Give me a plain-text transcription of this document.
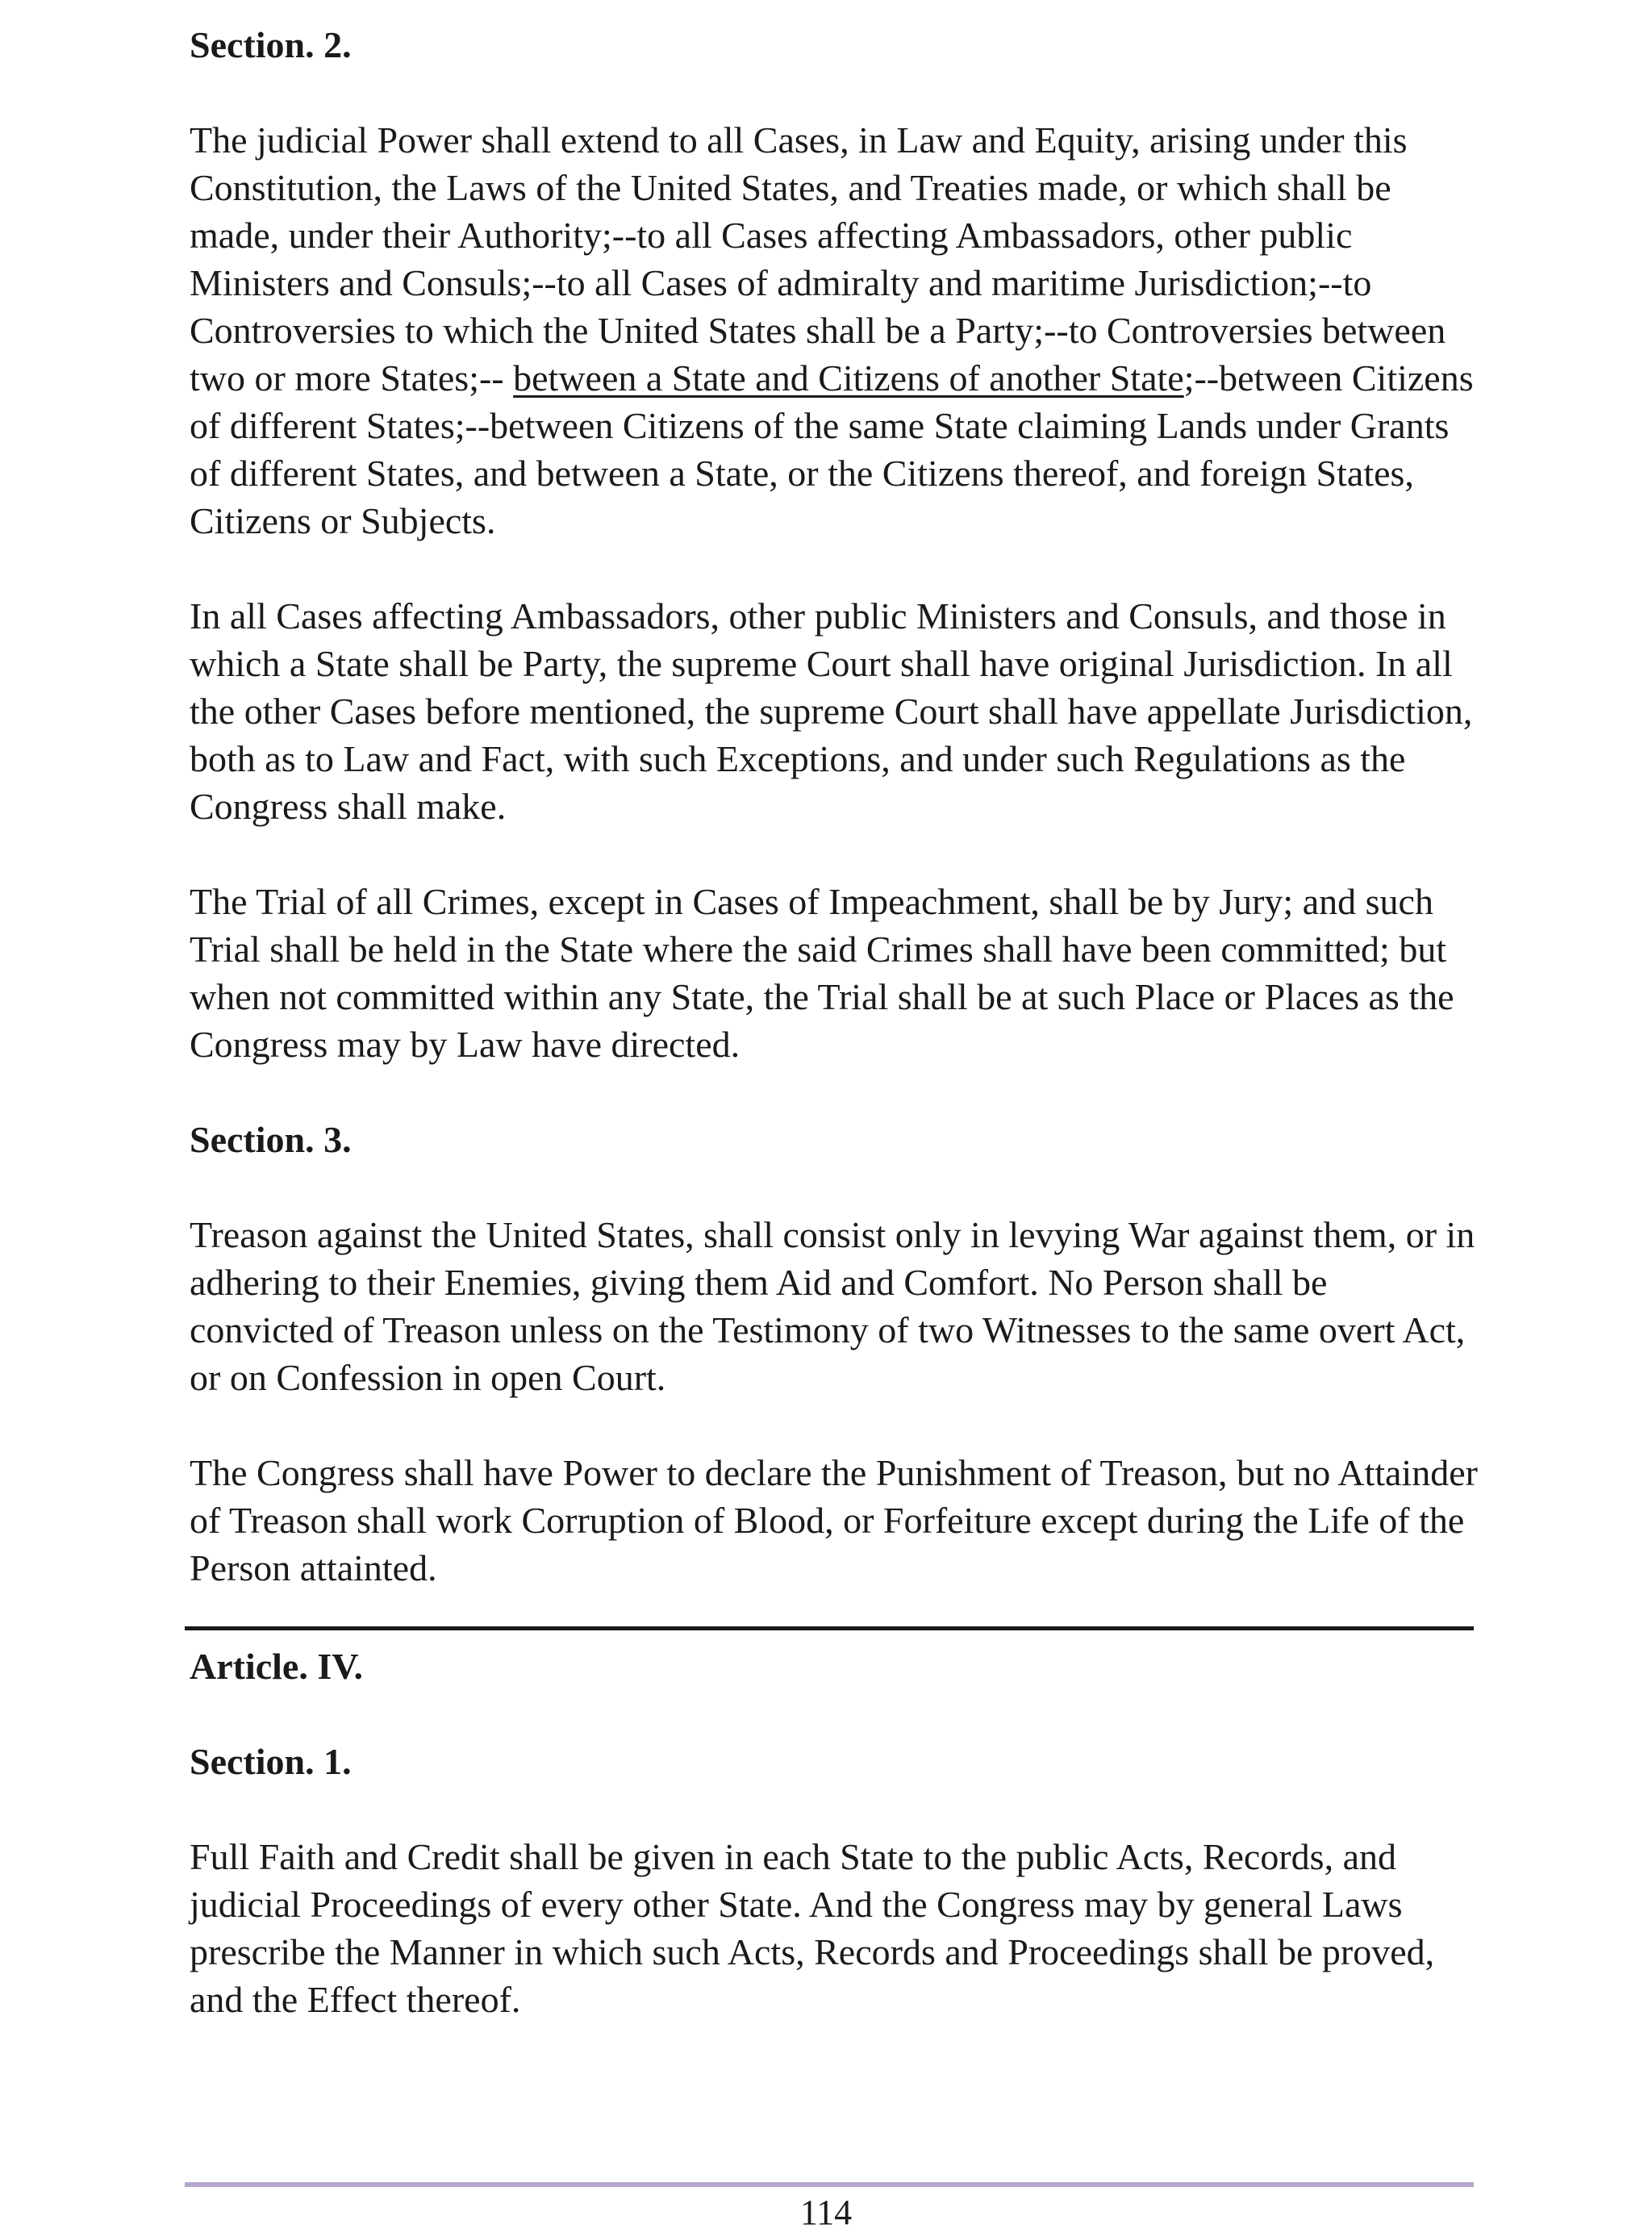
Section. 2.

The judicial Power shall extend to all Cases, in Law and Equity, arising under this Constitution, the Laws of the United States, and Treaties made, or which shall be made, under their Authority;--to all Cases affecting Ambassadors, other public Ministers and Consuls;--to all Cases of admiralty and maritime Jurisdiction;--to Controversies to which the United States shall be a Party;--to Controversies between two or more States;-- between a State and Citizens of another State;--between Citizens of different States;--between Citizens of the same State claiming Lands under Grants of different States, and between a State, or the Citizens thereof, and foreign States, Citizens or Subjects.

In all Cases affecting Ambassadors, other public Ministers and Consuls, and those in which a State shall be Party, the supreme Court shall have original Jurisdiction. In all the other Cases before mentioned, the supreme Court shall have appellate Jurisdiction, both as to Law and Fact, with such Exceptions, and under such Regulations as the Congress shall make.

The Trial of all Crimes, except in Cases of Impeachment, shall be by Jury; and such Trial shall be held in the State where the said Crimes shall have been committed; but when not committed within any State, the Trial shall be at such Place or Places as the Congress may by Law have directed.

Section. 3.

Treason against the United States, shall consist only in levying War against them, or in adhering to their Enemies, giving them Aid and Comfort. No Person shall be convicted of Treason unless on the Testimony of two Witnesses to the same overt Act, or on Confession in open Court.

The Congress shall have Power to declare the Punishment of Treason, but no Attainder of Treason shall work Corruption of Blood, or Forfeiture except during the Life of the Person attainted.

Article. IV.

Section. 1.

Full Faith and Credit shall be given in each State to the public Acts, Records, and judicial Proceedings of every other State. And the Congress may by general Laws prescribe the Manner in which such Acts, Records and Proceedings shall be proved, and the Effect thereof.

114
